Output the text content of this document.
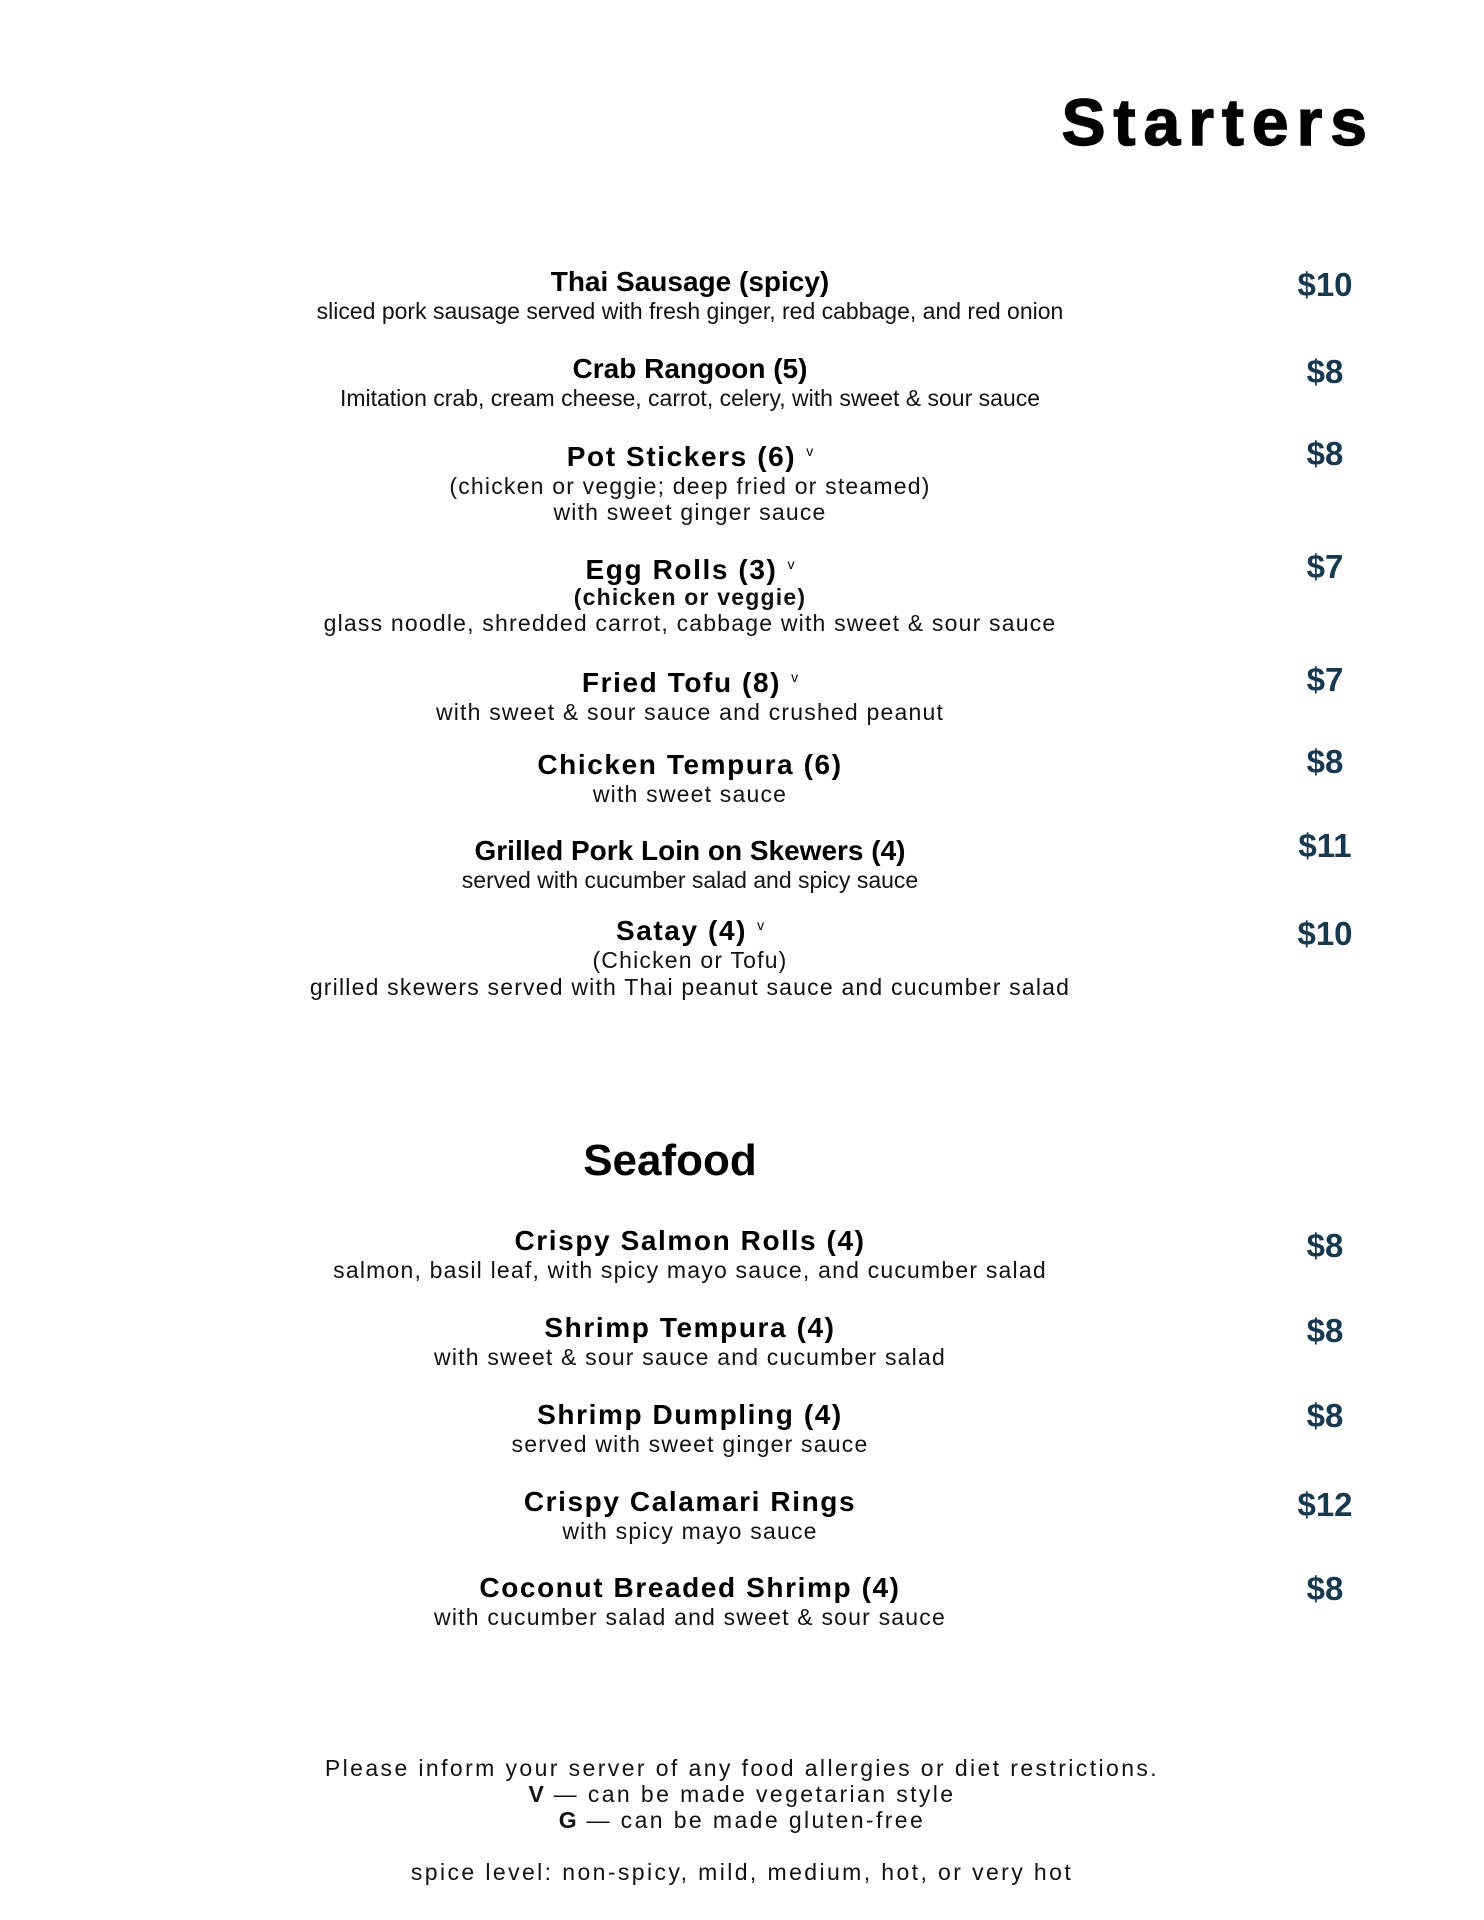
Starters
Thai Sausage (spicy)
sliced pork sausage served with fresh ginger, red cabbage, and red onion
$10
Crab Rangoon (5)
Imitation crab, cream cheese, carrot, celery, with sweet & sour sauce
$8
Pot Stickers (6) $^v$
(chicken or veggie; deep fried or steamed)
with sweet ginger sauce
$8
Egg Rolls (3) $^v$
(chicken or veggie)
glass noodle, shredded carrot, cabbage with sweet & sour sauce
$7
Fried Tofu (8) $^v$
with sweet & sour sauce and crushed peanut
$7
Chicken Tempura (6)
with sweet sauce
$8
Grilled Pork Loin on Skewers (4)
served with cucumber salad and spicy sauce
$11
Satay (4) $^v$
(Chicken or Tofu)
grilled skewers served with Thai peanut sauce and cucumber salad
$10
Seafood
Crispy Salmon Rolls (4)
salmon, basil leaf, with spicy mayo sauce, and cucumber salad
$8
Shrimp Tempura (4)
with sweet & sour sauce and cucumber salad
$8
Shrimp Dumpling (4)
served with sweet ginger sauce
$8
Crispy Calamari Rings
with spicy mayo sauce
$12
Coconut Breaded Shrimp (4)
with cucumber salad and sweet & sour sauce
$8
Please inform your server of any food allergies or diet restrictions.
V — can be made vegetarian style
G — can be made gluten-free
spice level: non-spicy, mild, medium, hot, or very hot
